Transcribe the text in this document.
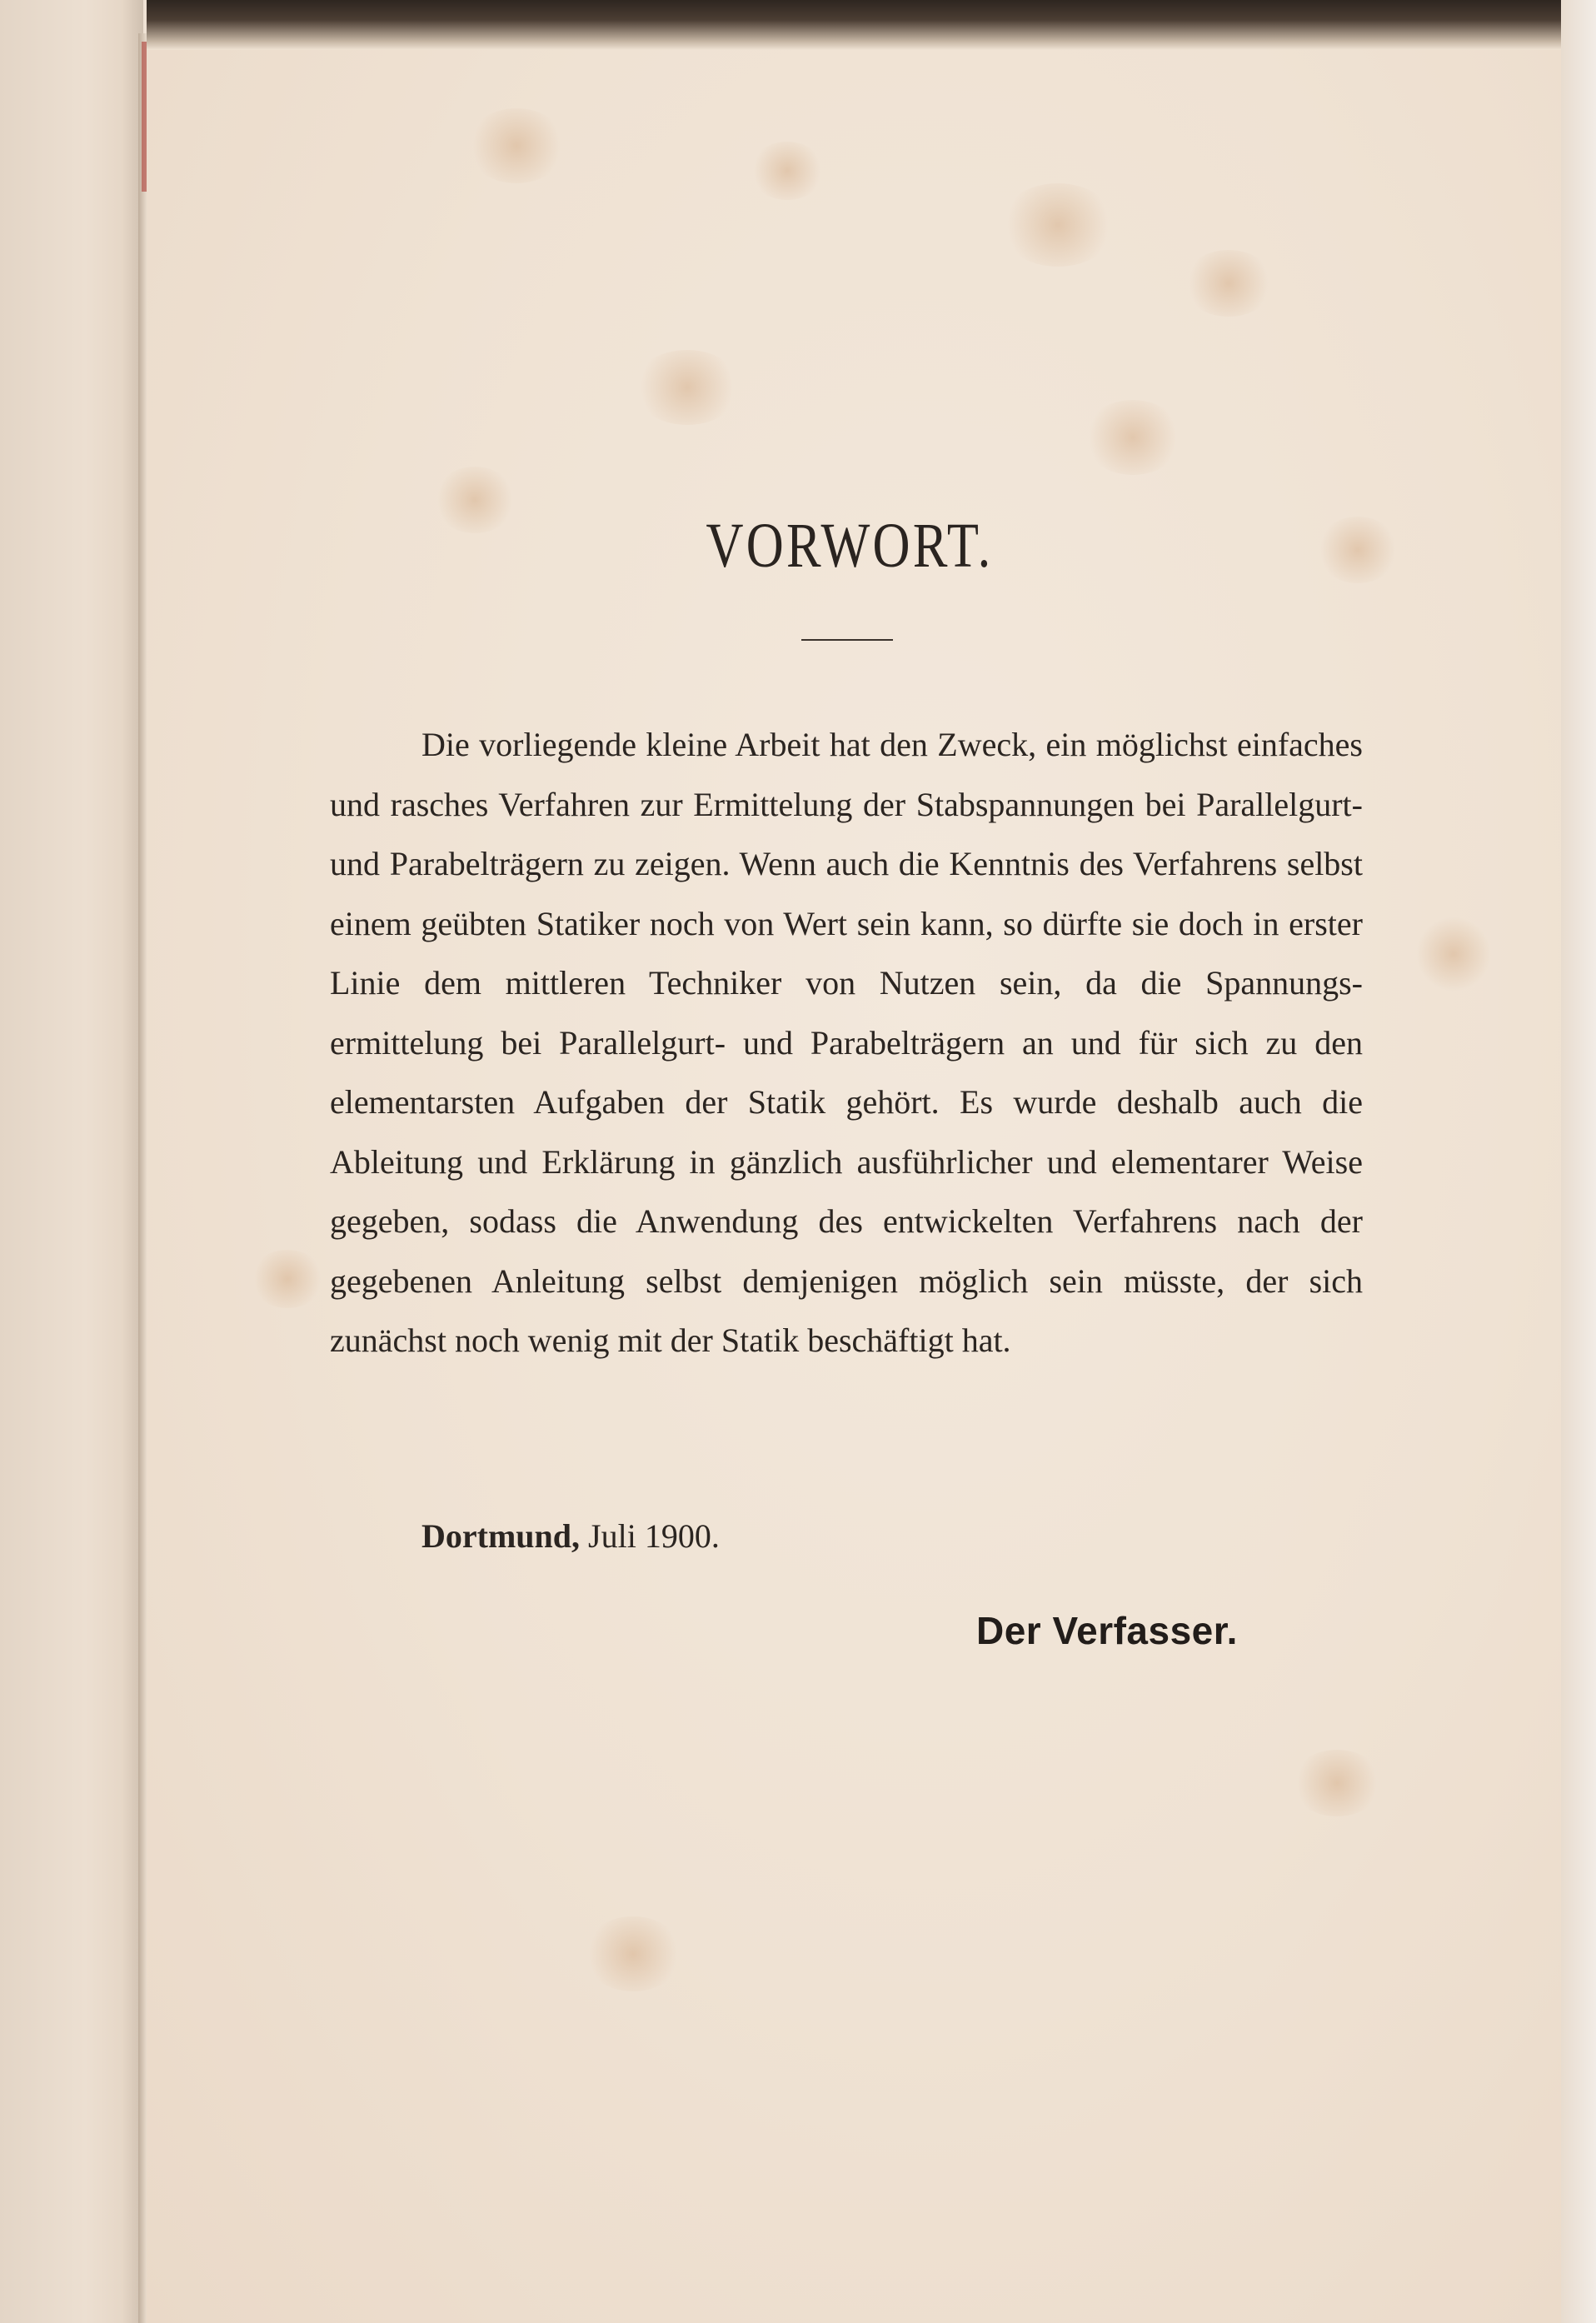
VORWORT.
Die vorliegende kleine Arbeit hat den Zweck, ein möglichst einfaches und rasches Verfahren zur Ermittelung der Stabspannungen bei Parallelgurt- und Parabelträgern zu zeigen. Wenn auch die Kenntnis des Verfahrens selbst einem geübten Statiker noch von Wert sein kann, so dürfte sie doch in erster Linie dem mittleren Techniker von Nutzen sein, da die Spannungsermittelung bei Parallelgurt- und Parabelträgern an und für sich zu den elementarsten Aufgaben der Statik gehört. Es wurde deshalb auch die Ableitung und Erklärung in gänzlich ausführlicher und elementarer Weise gegeben, sodass die Anwendung des entwickelten Verfahrens nach der gegebenen Anleitung selbst demjenigen möglich sein müsste, der sich zunächst noch wenig mit der Statik beschäftigt hat.
Dortmund, Juli 1900.
Der Verfasser.
